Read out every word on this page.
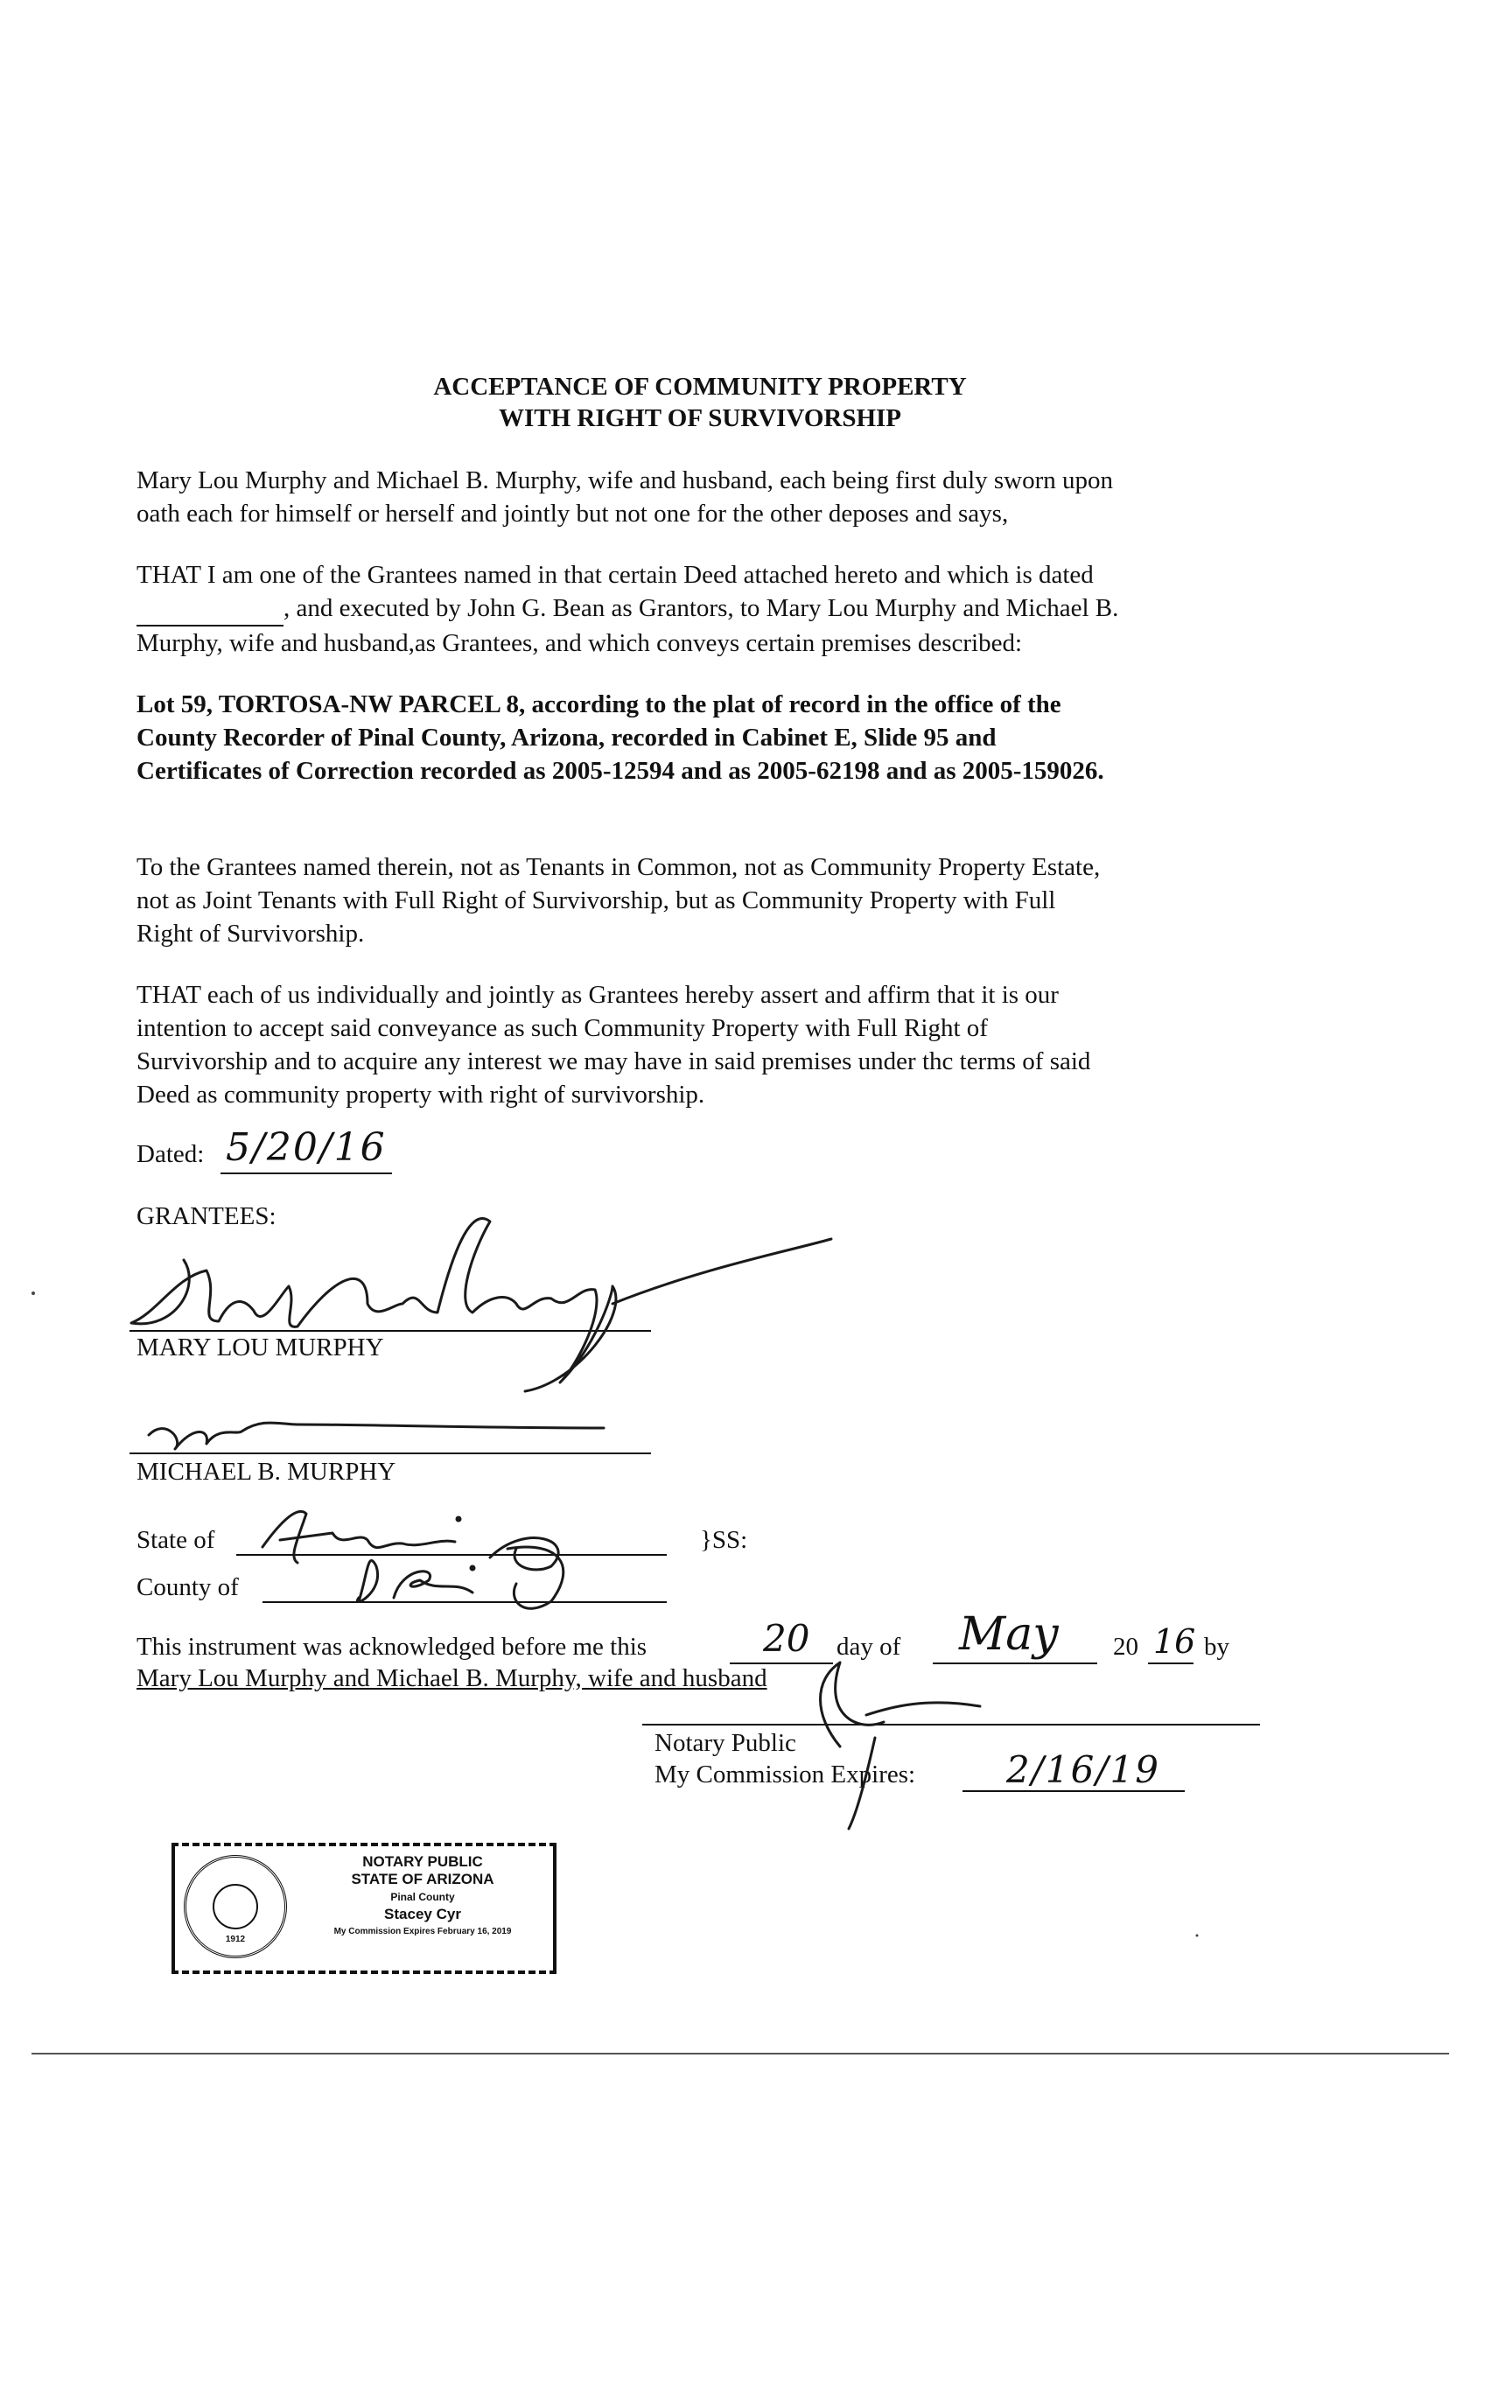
ACCEPTANCE OF COMMUNITY PROPERTY
WITH RIGHT OF SURVIVORSHIP

Mary Lou Murphy and Michael B. Murphy, wife and husband, each being first duly sworn upon

oath each for himself or herself and jointly but not one for the other deposes and says,

THAT I am one of the Grantees named in that certain Deed attached hereto and which is dated

, and executed by John G. Bean as Grantors, to Mary Lou Murphy and Michael B.

Murphy, wife and husband,as Grantees, and which conveys certain premises described:

Lot 59, TORTOSA-NW PARCEL 8, according to the plat of record in the office of the

County Recorder of Pinal County, Arizona, recorded in Cabinet E, Slide 95 and

Certificates of Correction recorded as 2005-12594 and as 2005-62198 and as 2005-159026.

To the Grantees named therein, not as Tenants in Common, not as Community Property Estate,

not as Joint Tenants with Full Right of Survivorship, but as Community Property with Full

Right of Survivorship.

THAT each of us individually and jointly as Grantees hereby assert and affirm that it is our

intention to accept said conveyance as such Community Property with Full Right of

Survivorship and to acquire any interest we may have in said premises under thc terms of said

Deed as community property with right of survivorship.

Dated: 5/20/16
GRANTEES:
MARY LOU MURPHY
MICHAEL B. MURPHY
State of	}SS:
County of
This instrument was acknowledged before me this	20 day of May 20 16 by
Mary Lou Murphy and Michael B. Murphy, wife and husband
Notary Public
My Commission Expires: 2/16/19
1912
NOTARY PUBLIC
STATE OF ARIZONA
Pinal County
Stacey Cyr
My Commission Expires February 16, 2019
